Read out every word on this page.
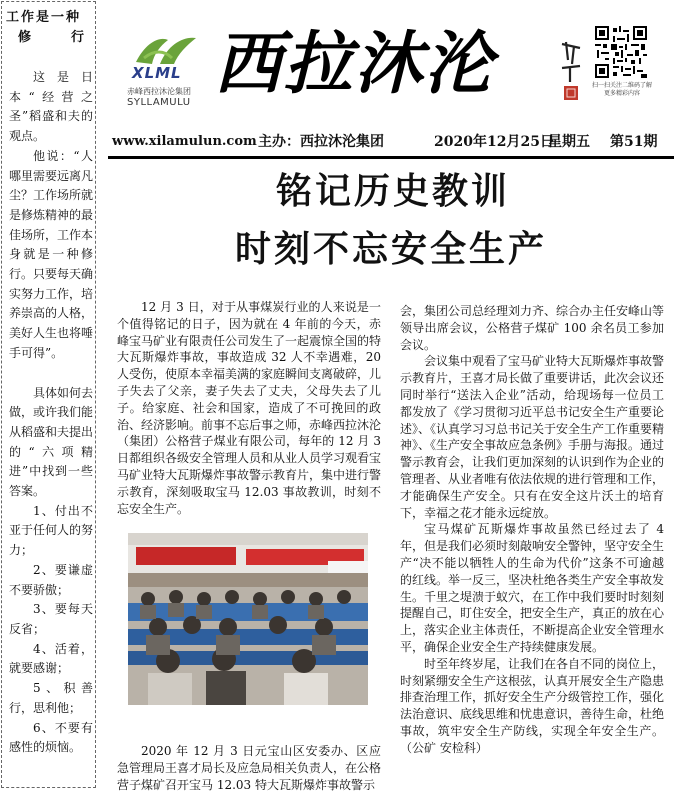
工作是一种
修	行

这是日本“经营之圣”稻盛和夫的观点。

他说：“人哪里需要远离凡尘？工作场所就是修炼精神的最佳场所，工作本身就是一种修行。只要每天确实努力工作，培养崇高的人格，美好人生也将唾手可得”。

具体如何去做，或许我们能从稻盛和夫提出的“六项精进”中找到一些答案。

1、付出不亚于任何人的努力；

2、要谦虚不要骄傲；

3、要每天反省；

4、活着，就要感谢；

5、积善行，思利他；

6、不要有感性的烦恼。

XLML
赤峰西拉沐沦集团
SYLLAMULU 西拉沐沦	扫一扫关注二维码了解更多精彩内容
www.xilamulun.com 主办：西拉沐沦集团	2020年12月25日
星期五 第51期
铭记历史教训
时刻不忘安全生产

12 月 3 日，对于从事煤炭行业的人来说是一个值得铭记的日子，因为就在 4 年前的今天，赤峰宝马矿业有限责任公司发生了一起震惊全国的特大瓦斯爆炸事故，事故造成 32 人不幸遇难，20 人受伤，使原本幸福美满的家庭瞬间支离破碎，儿子失去了父亲，妻子失去了丈夫，父母失去了儿子。给家庭、社会和国家，造成了不可挽回的政治、经济影响。前事不忘后事之师，赤峰西拉沐沦（集团）公格营子煤业有限公司，每年的 12 月 3 日都组织各级安全管理人员和从业人员学习观看宝马矿业特大瓦斯爆炸事故警示教育片，集中进行警示教育，深刻吸取宝马 12.03 事故教训，时刻不忘安全生产。

2020 年 12 月 3 日元宝山区安委办、区应急管理局王喜才局长及应急局相关负责人，在公格营子煤矿召开宝马 12.03 特大瓦斯爆炸事故警示

会，集团公司总经理刘力齐、综合办主任安峰山等领导出席会议，公格营子煤矿 100 余名员工参加会议。

会议集中观看了宝马矿业特大瓦斯爆炸事故警示教育片，王喜才局长做了重要讲话，此次会议还同时举行“送法入企业”活动，给现场每一位员工都发放了《学习贯彻习近平总书记安全生产重要论述》、《认真学习习总书记关于安全生产工作重要精神》、《生产安全事故应急条例》手册与海报。通过警示教育会，让我们更加深刻的认识到作为企业的管理者、从业者唯有依法依规的进行管理和工作，才能确保生产安全。只有在安全这片沃土的培育下，幸福之花才能永远绽放。

宝马煤矿瓦斯爆炸事故虽然已经过去了 4 年，但是我们必须时刻敲响安全警钟，坚守安全生产“决不能以牺牲人的生命为代价”这条不可逾越的红线。举一反三，坚决杜绝各类生产安全事故发生。千里之堤溃于蚁穴，在工作中我们要时时刻刻提醒自己，盯住安全，把安全生产，真正的放在心上，落实企业主体责任，不断提高企业安全管理水平，确保企业安全生产持续健康发展。

时至年终岁尾，让我们在各自不同的岗位上，时刻紧绷安全生产这根弦，认真开展安全生产隐患排查治理工作，抓好安全生产分级管控工作，强化法治意识、底线思维和忧患意识，善待生命，杜绝事故，筑牢安全生产防线，实现全年安全生产。（公矿 安检科）
